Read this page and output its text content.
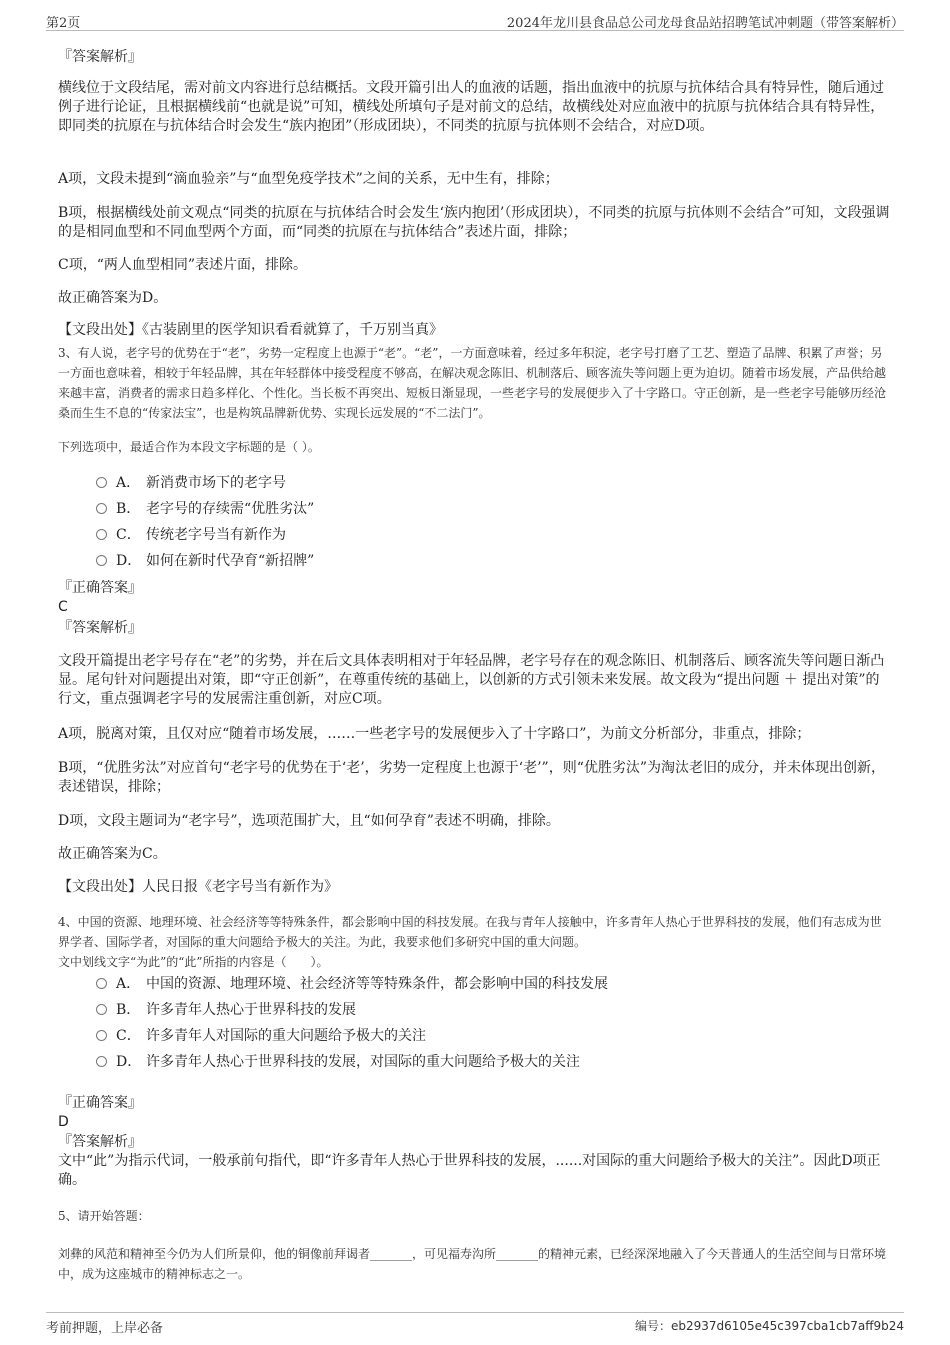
第2页	2024年龙川县食品总公司龙母食品站招聘笔试冲刺题（带答案解析）

『答案解析』

横线位于文段结尾，需对前文内容进行总结概括。文段开篇引出人的血液的话题，指出血液中的抗原与抗体结合具有特异性，随后通过例子进行论证，且根据横线前“也就是说”可知，横线处所填句子是对前文的总结，故横线处对应血液中的抗原与抗体结合具有特异性，即同类的抗原在与抗体结合时会发生“族内抱团”（形成团块），不同类的抗原与抗体则不会结合，对应D项。

A项，文段未提到“滴血验亲”与“血型免疫学技术”之间的关系，无中生有，排除；

B项，根据横线处前文观点“同类的抗原在与抗体结合时会发生‘族内抱团’（形成团块），不同类的抗原与抗体则不会结合”可知，文段强调的是相同血型和不同血型两个方面，而“同类的抗原在与抗体结合”表述片面，排除；

C项，“两人血型相同”表述片面，排除。

故正确答案为D。

【文段出处】《古装剧里的医学知识看看就算了，千万别当真》

3、有人说，老字号的优势在于“老”，劣势一定程度上也源于“老”。“老”，一方面意味着，经过多年积淀，老字号打磨了工艺、塑造了品牌、积累了声誉；另一方面也意味着，相较于年轻品牌，其在年轻群体中接受程度不够高，在解决观念陈旧、机制落后、顾客流失等问题上更为迫切。随着市场发展，产品供给越来越丰富，消费者的需求日趋多样化、个性化。当长板不再突出、短板日渐显现，一些老字号的发展便步入了十字路口。守正创新，是一些老字号能够历经沧桑而生生不息的“传家法宝”，也是构筑品牌新优势、实现长远发展的“不二法门”。

下列选项中，最适合作为本段文字标题的是（ ）。

A． 新消费市场下的老字号
B． 老字号的存续需“优胜劣汰”
C． 传统老字号当有新作为
D． 如何在新时代孕育“新招牌”

『正确答案』

C

『答案解析』

文段开篇提出老字号存在“老”的劣势，并在后文具体表明相对于年轻品牌，老字号存在的观念陈旧、机制落后、顾客流失等问题日渐凸显。尾句针对问题提出对策，即“守正创新”，在尊重传统的基础上，以创新的方式引领未来发展。故文段为“提出问题 ＋ 提出对策”的行文，重点强调老字号的发展需注重创新，对应C项。

A项，脱离对策，且仅对应“随着市场发展，……一些老字号的发展便步入了十字路口”，为前文分析部分，非重点，排除；

B项，“优胜劣汰”对应首句“老字号的优势在于‘老’，劣势一定程度上也源于‘老’”，则“优胜劣汰”为淘汰老旧的成分，并未体现出创新，表述错误，排除；

D项，文段主题词为“老字号”，选项范围扩大，且“如何孕育”表述不明确，排除。

故正确答案为C。

【文段出处】人民日报《老字号当有新作为》

4、中国的资源、地理环境、社会经济等等特殊条件，都会影响中国的科技发展。在我与青年人接触中，许多青年人热心于世界科技的发展，他们有志成为世界学者、国际学者，对国际的重大问题给予极大的关注。为此，我要求他们多研究中国的重大问题。

文中划线文字“为此”的“此”所指的内容是（　　）。

A． 中国的资源、地理环境、社会经济等等特殊条件，都会影响中国的科技发展
B． 许多青年人热心于世界科技的发展
C． 许多青年人对国际的重大问题给予极大的关注
D． 许多青年人热心于世界科技的发展，对国际的重大问题给予极大的关注

『正确答案』

D

『答案解析』

文中“此”为指示代词，一般承前句指代，即“许多青年人热心于世界科技的发展，......对国际的重大问题给予极大的关注”。因此D项正确。

5、请开始答题：

刘彝的风范和精神至今仍为人们所景仰，他的铜像前拜谒者_______，可见福寿沟所_______的精神元素，已经深深地融入了今天普通人的生活空间与日常环境中，成为这座城市的精神标志之一。

考前押题，上岸必备	编号：eb2937d6105e45c397cba1cb7aff9b24
